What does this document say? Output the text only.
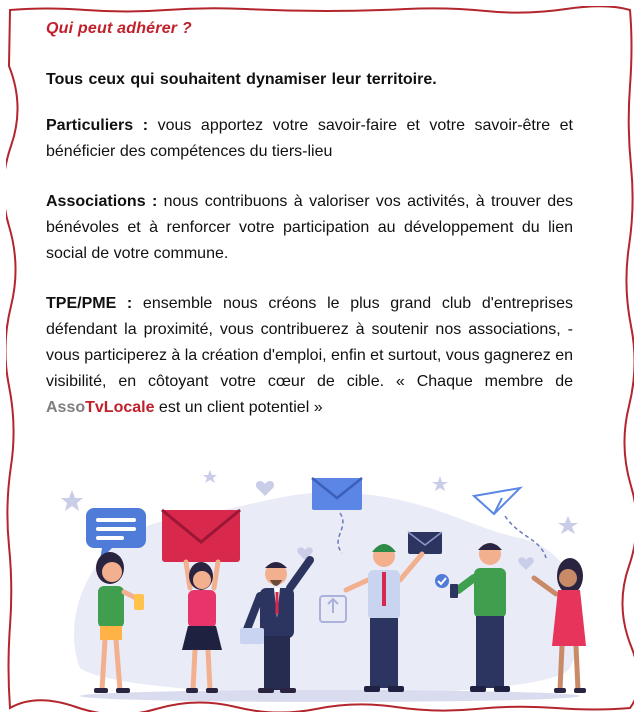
Qui peut adhérer ?

Tous ceux qui souhaitent dynamiser leur territoire.

Particuliers : vous apportez votre savoir-faire et votre savoir-être et bénéficier des compétences du tiers-lieu

Associations : nous contribuons à valoriser vos activités, à trouver des bénévoles et à renforcer votre participation au développement du lien social de votre commune.

TPE/PME : ensemble nous créons le plus grand club d'entreprises défendant la proximité, vous contribuerez à soutenir nos associations, - vous participerez à la création d'emploi, enfin et surtout, vous gagnerez en visibilité, en côtoyant votre cœur de cible. « Chaque membre de AssoTvLocale est un client potentiel »
